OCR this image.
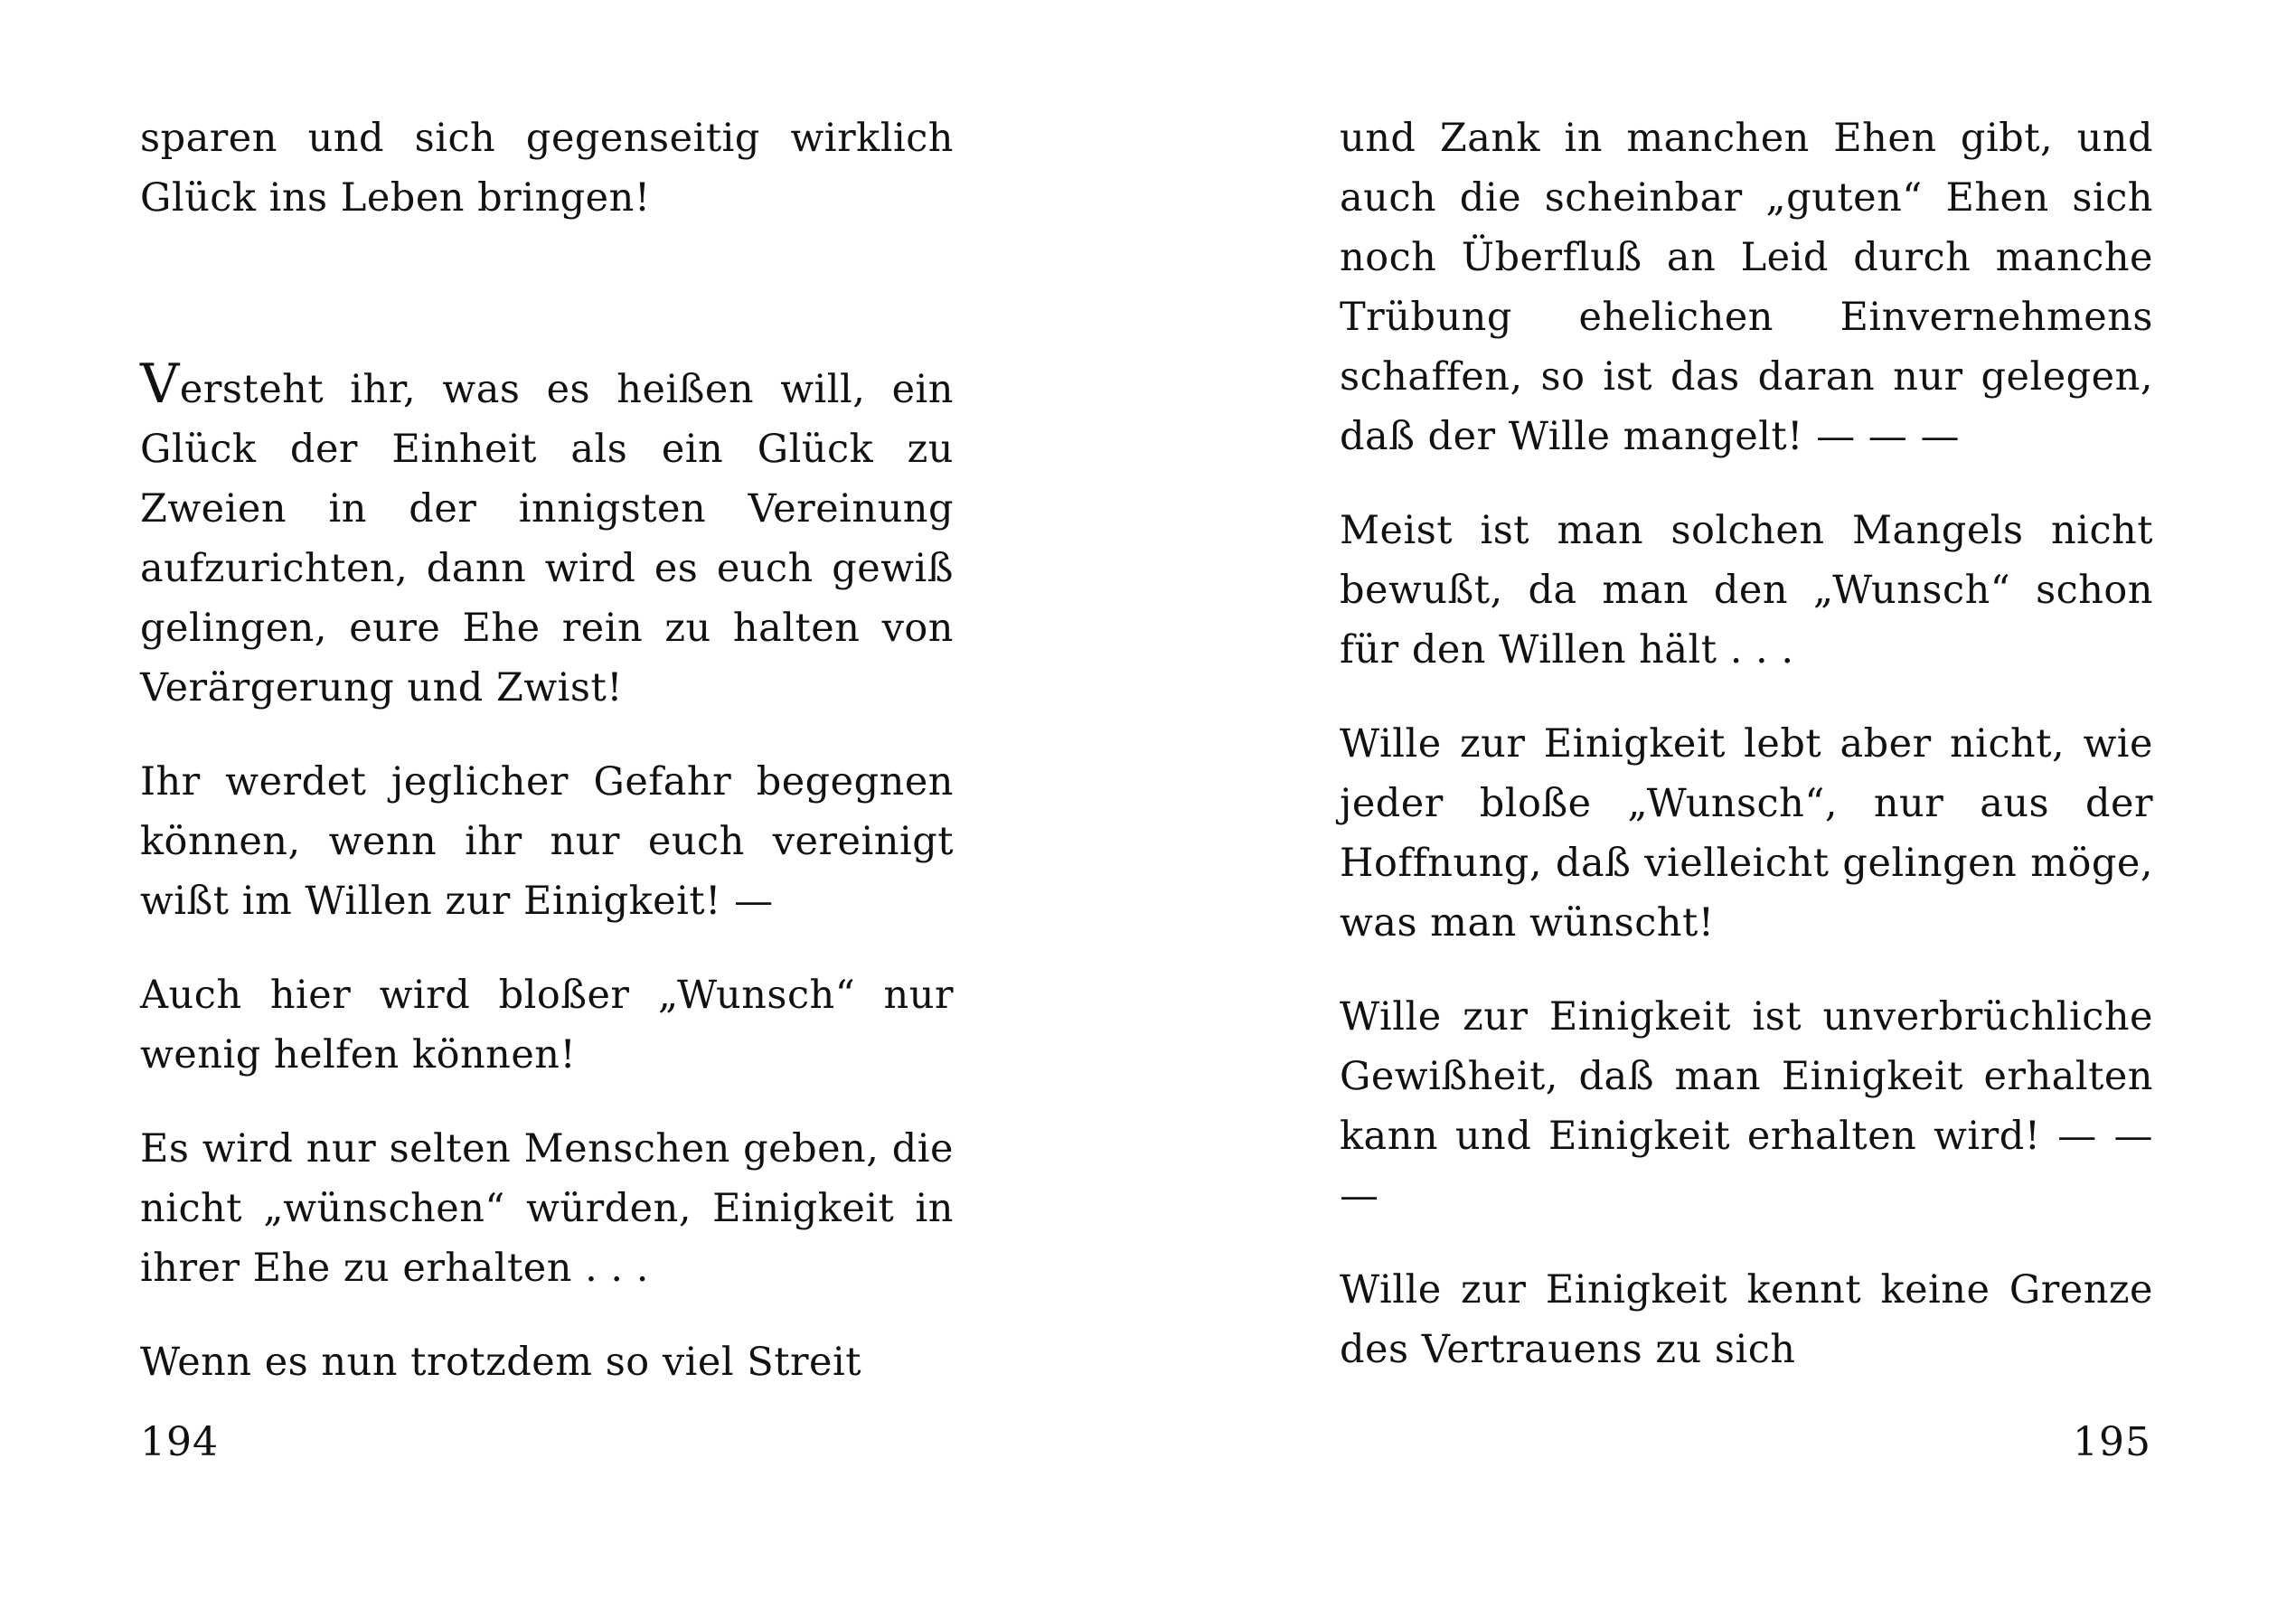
sparen und sich gegenseitig wirklich Glück ins Leben bringen!

Versteht ihr, was es heißen will, ein Glück der Einheit als ein Glück zu Zweien in der innigsten Vereinung aufzurichten, dann wird es euch gewiß gelingen, eure Ehe rein zu halten von Verärgerung und Zwist!

Ihr werdet jeglicher Gefahr begegnen können, wenn ihr nur euch vereinigt wißt im Willen zur Einigkeit! —

Auch hier wird bloßer „Wunsch“ nur wenig helfen können!

Es wird nur selten Menschen geben, die nicht „wünschen“ würden, Einigkeit in ihrer Ehe zu erhalten . . .

Wenn es nun trotzdem so viel Streit

194

und Zank in manchen Ehen gibt, und auch die scheinbar „guten“ Ehen sich noch Überfluß an Leid durch manche Trübung ehelichen Einvernehmens schaffen, so ist das daran nur gelegen, daß der Wille mangelt! — — —

Meist ist man solchen Mangels nicht bewußt, da man den „Wunsch“ schon für den Willen hält . . .

Wille zur Einigkeit lebt aber nicht, wie jeder bloße „Wunsch“, nur aus der Hoffnung, daß vielleicht gelingen möge, was man wünscht!

Wille zur Einigkeit ist unverbrüchliche Gewißheit, daß man Einigkeit erhalten kann und Einigkeit erhalten wird! — — —

Wille zur Einigkeit kennt keine Grenze des Vertrauens zu sich

195
